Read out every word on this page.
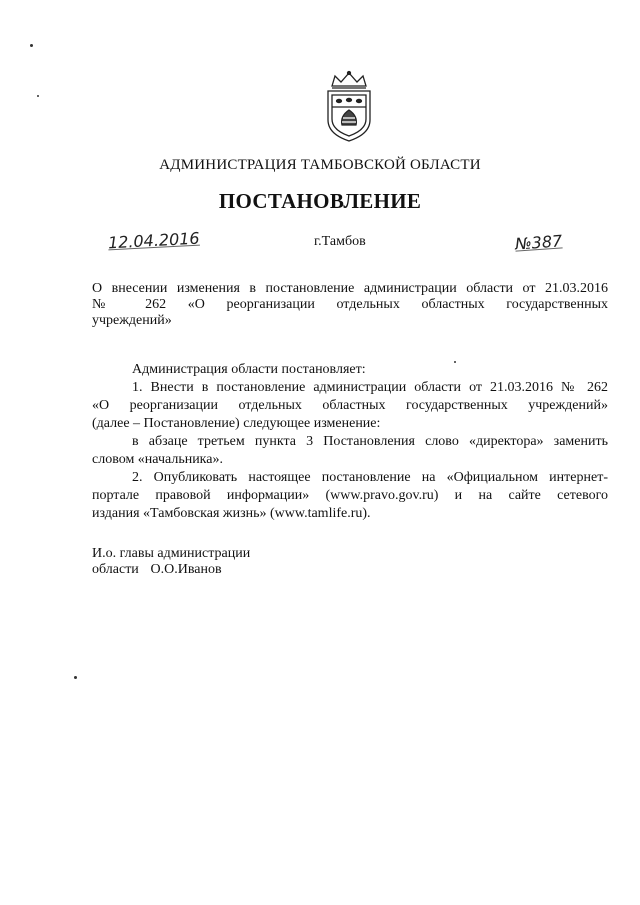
АДМИНИСТРАЦИЯ ТАМБОВСКОЙ ОБЛАСТИ
ПОСТАНОВЛЕНИЕ
12.04.2016	г.Тамбов	№387
О внесении изменения в постановление администрации области от 21.03.2016
№ 262 «О реорганизации отдельных областных государственных
учреждений»
Администрация области постановляет:
1. Внести в постановление администрации области от 21.03.2016 № 262
«О реорганизации отдельных областных государственных учреждений»
(далее – Постановление) следующее изменение:
в абзаце третьем пункта 3 Постановления слово «директора» заменить
словом «начальника».
2. Опубликовать настоящее постановление на «Официальном интернет-
портале правовой информации» (www.pravo.gov.ru) и на сайте сетевого
издания «Тамбовская жизнь» (www.tamlife.ru).
И.о. главы администрации
области О.О.Иванов
